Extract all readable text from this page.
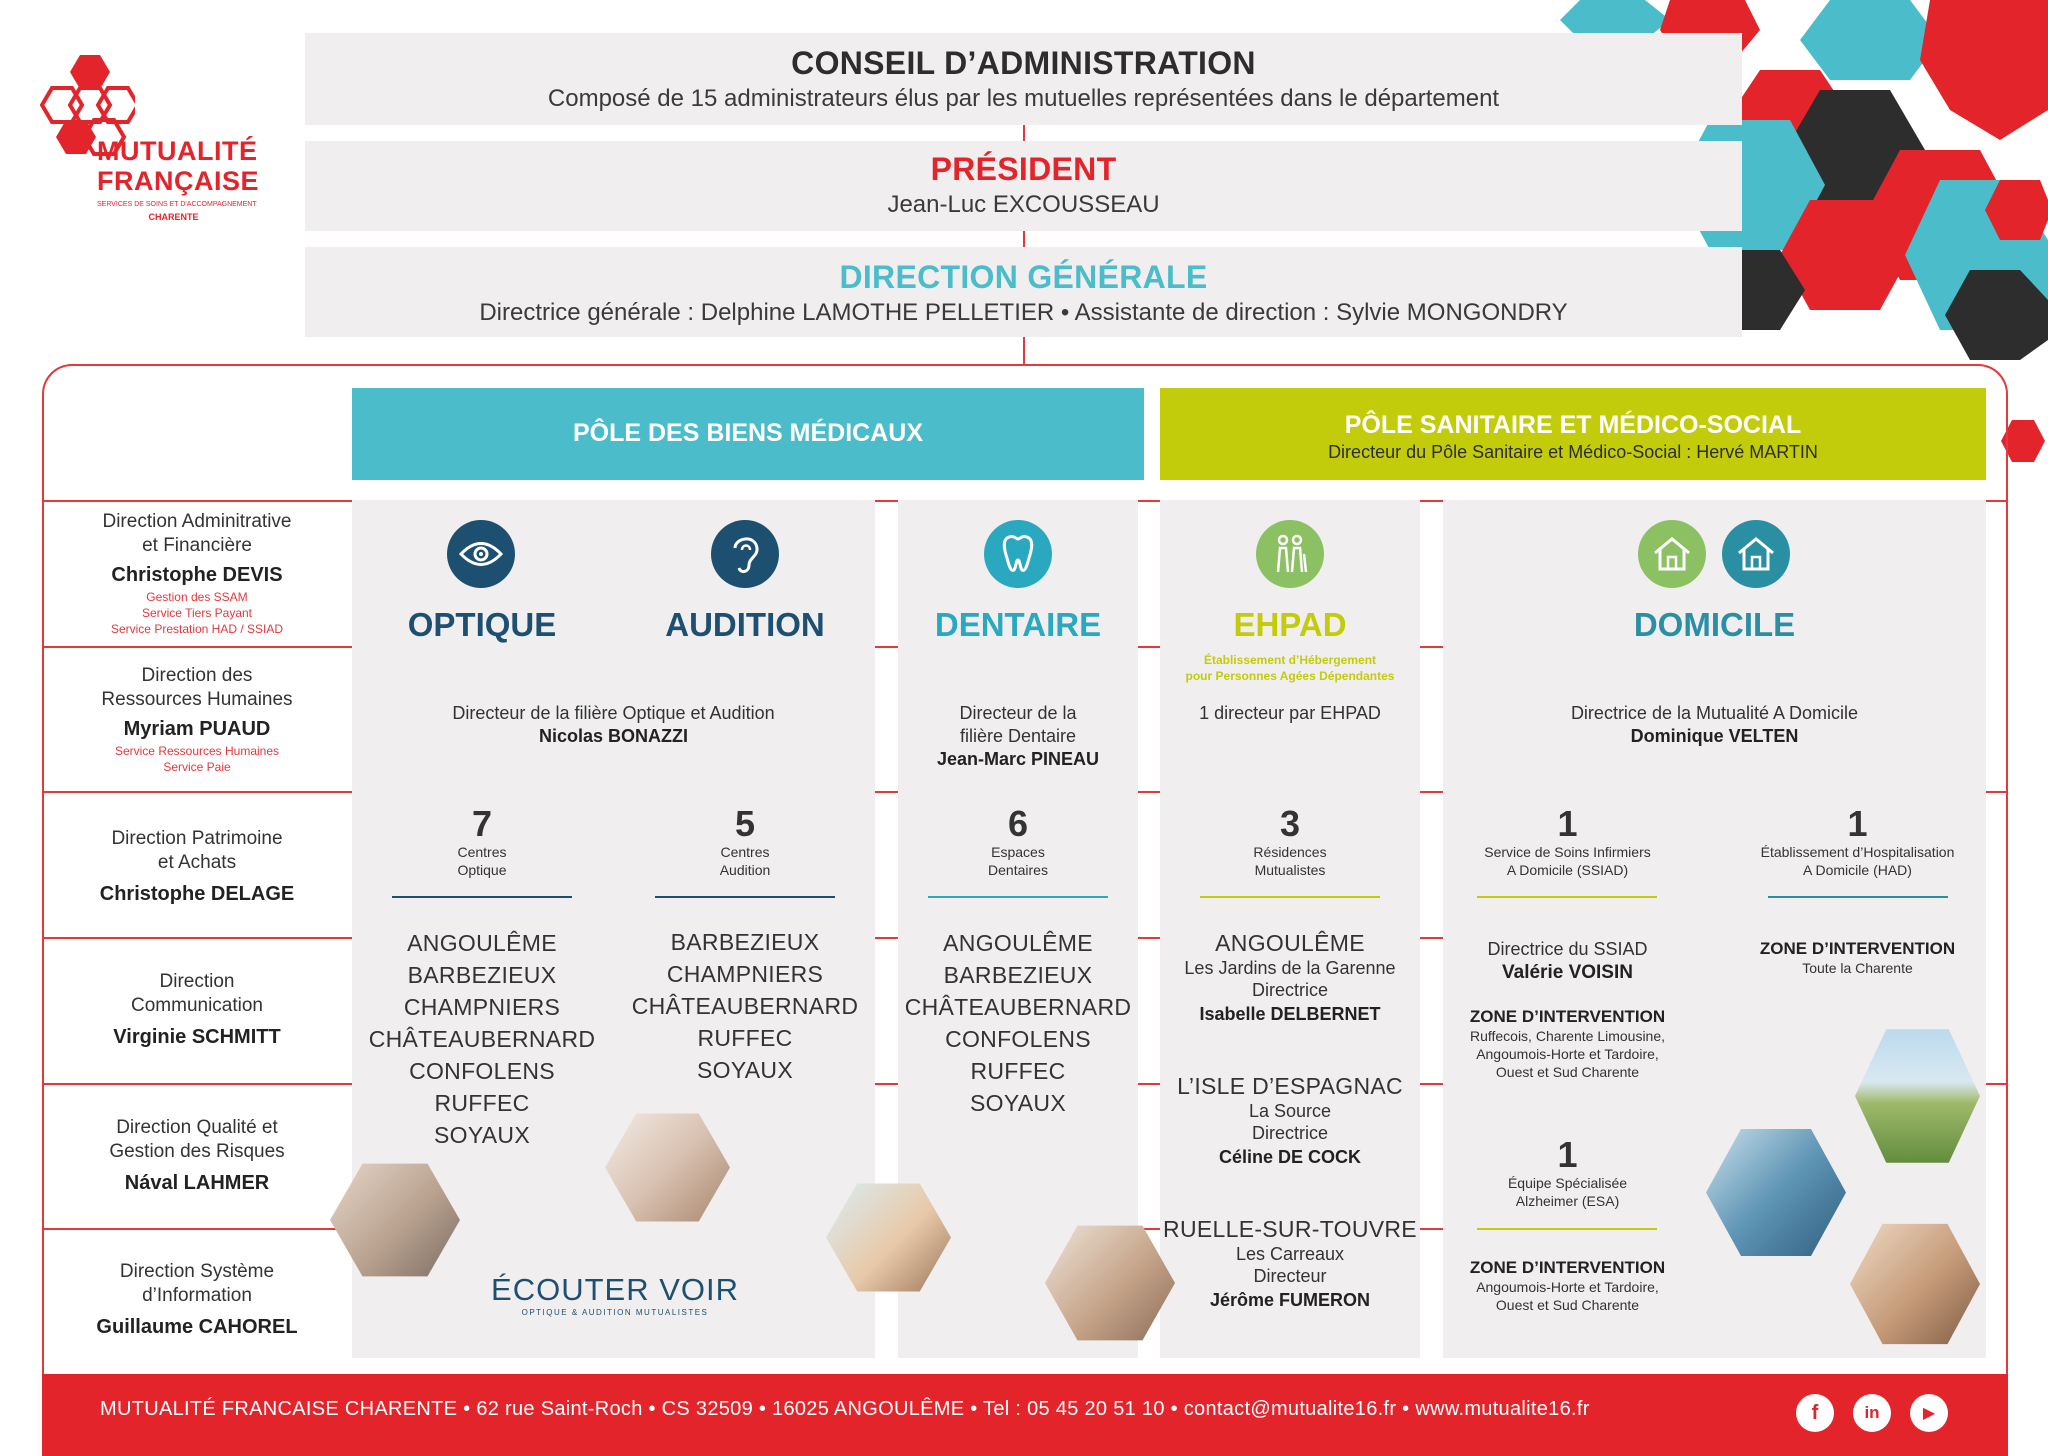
MUTUALITÉ
FRANÇAISE
SERVICES DE SOINS ET D'ACCOMPAGNEMENT
CHARENTE
CONSEIL D’ADMINISTRATION
Composé de 15 administrateurs élus par les mutuelles représentées dans le département
PRÉSIDENT
Jean-Luc EXCOUSSEAU
DIRECTION GÉNÉRALE
Directrice générale : Delphine LAMOTHE PELLETIER • Assistante de direction : Sylvie MONGONDRY
PÔLE DES BIENS MÉDICAUX	PÔLE SANITAIRE ET MÉDICO-SOCIAL
Directeur du Pôle Sanitaire et Médico-Social : Hervé MARTIN
Direction Adminitrative
et Financière
Christophe DEVIS
Gestion des SSAM
Service Tiers Payant
Service Prestation HAD / SSIAD
Direction des
Ressources Humaines
Myriam PUAUD
Service Ressources Humaines
Service Paie
Direction Patrimoine
et Achats
Christophe DELAGE
Direction
Communication
Virginie SCHMITT
Direction Qualité et
Gestion des Risques
Nával LAHMER
Direction Système
d’Information
Guillaume CAHOREL
OPTIQUE	AUDITION
Directeur de la filière Optique et Audition
Nicolas BONAZZI
7
Centres
Optique
5
Centres
Audition
ANGOULÊME
BARBEZIEUX
CHAMPNIERS
CHÂTEAUBERNARD
CONFOLENS
RUFFEC
SOYAUX
BARBEZIEUX
CHAMPNIERS
CHÂTEAUBERNARD
RUFFEC
SOYAUX
ÉCOUTER VOIR
OPTIQUE & AUDITION MUTUALISTES
DENTAIRE
Directeur de la
filière Dentaire
Jean-Marc PINEAU
6
Espaces
Dentaires
ANGOULÊME
BARBEZIEUX
CHÂTEAUBERNARD
CONFOLENS
RUFFEC
SOYAUX
EHPAD
Établissement d’Hébergement
pour Personnes Agées Dépendantes
1 directeur par EHPAD
3
Résidences
Mutualistes
ANGOULÊME
Les Jardins de la Garenne
Directrice
Isabelle DELBERNET
L’ISLE D’ESPAGNAC
La Source
Directrice
Céline DE COCK
RUELLE-SUR-TOUVRE
Les Carreaux
Directeur
Jérôme FUMERON
DOMICILE
Directrice de la Mutualité A Domicile
Dominique VELTEN
1
Service de Soins Infirmiers
A Domicile (SSIAD)
1
Établissement d’Hospitalisation
A Domicile (HAD)
Directrice du SSIAD
Valérie VOISIN
ZONE D’INTERVENTION
Ruffecois, Charente Limousine,
Angoumois-Horte et Tardoire,
Ouest et Sud Charente
ZONE D’INTERVENTION
Toute la Charente
1
Équipe Spécialisée
Alzheimer (ESA)
ZONE D’INTERVENTION
Angoumois-Horte et Tardoire,
Ouest et Sud Charente
MUTUALITÉ FRANCAISE CHARENTE • 62 rue Saint-Roch • CS 32509 • 16025 ANGOULÊME • Tel : 05 45 20 51 10 • contact@mutualite16.fr • www.mutualite16.fr	f	in	▶
